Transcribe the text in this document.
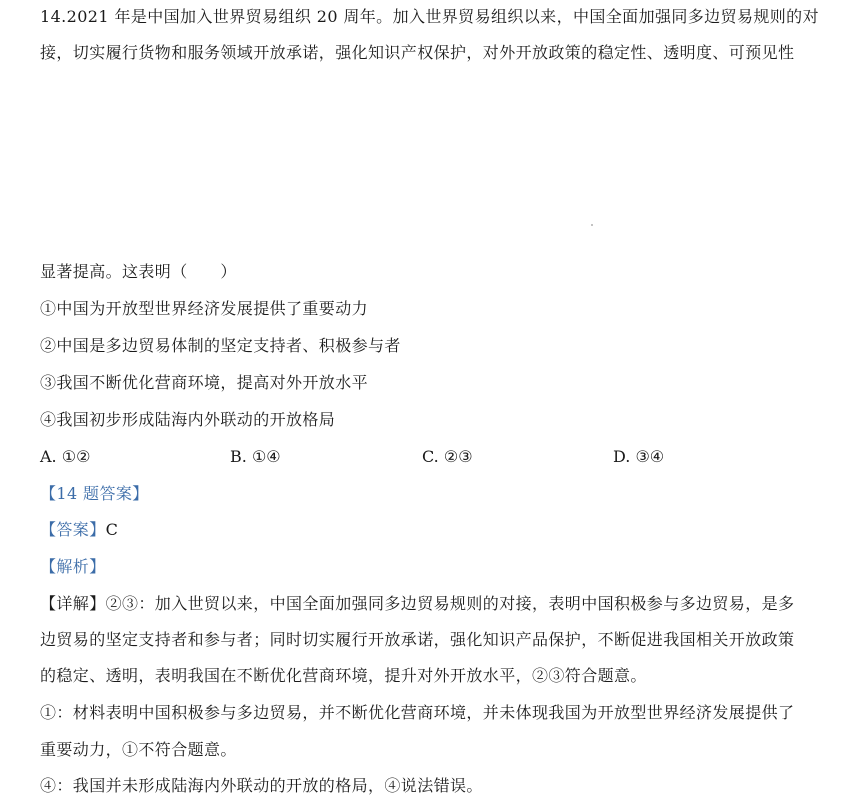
14.2021 年是中国加入世界贸易组织 20 周年。加入世界贸易组织以来，中国全面加强同多边贸易规则的对
接，切实履行货物和服务领域开放承诺，强化知识产权保护，对外开放政策的稳定性、透明度、可预见性
显著提高。这表明（　　）
①中国为开放型世界经济发展提供了重要动力
②中国是多边贸易体制的坚定支持者、积极参与者
③我国不断优化营商环境，提高对外开放水平
④我国初步形成陆海内外联动的开放格局
A. ①②	B. ①④	C. ②③	D. ③④
【14 题答案】
【答案】C
【解析】
【详解】②③：加入世贸以来，中国全面加强同多边贸易规则的对接，表明中国积极参与多边贸易，是多
边贸易的坚定支持者和参与者；同时切实履行开放承诺，强化知识产品保护，不断促进我国相关开放政策
的稳定、透明，表明我国在不断优化营商环境，提升对外开放水平，②③符合题意。
①：材料表明中国积极参与多边贸易，并不断优化营商环境，并未体现我国为开放型世界经济发展提供了
重要动力，①不符合题意。
④：我国并未形成陆海内外联动的开放的格局，④说法错误。
